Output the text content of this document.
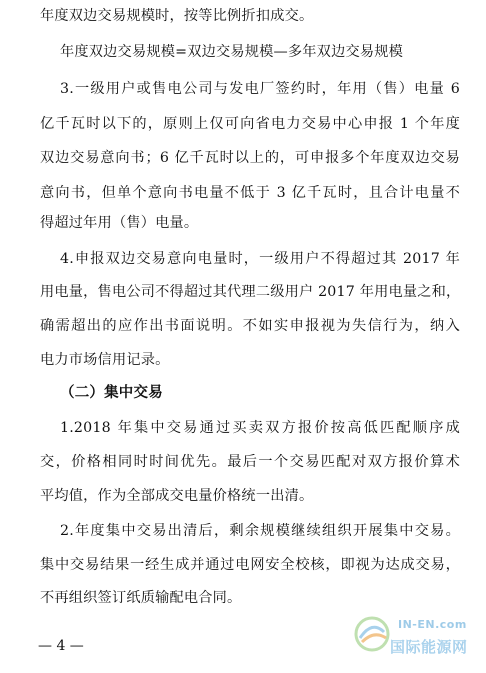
年度双边交易规模时，按等比例折扣成交。
年度双边交易规模=双边交易规模—多年双边交易规模
3.一级用户或售电公司与发电厂签约时，年用（售）电量 6
亿千瓦时以下的，原则上仅可向省电力交易中心申报 1 个年度
双边交易意向书；6 亿千瓦时以上的，可申报多个年度双边交易
意向书，但单个意向书电量不低于 3 亿千瓦时，且合计电量不
得超过年用（售）电量。
4.申报双边交易意向电量时，一级用户不得超过其 2017 年
用电量，售电公司不得超过其代理二级用户 2017 年用电量之和，
确需超出的应作出书面说明。不如实申报视为失信行为，纳入
电力市场信用记录。
（二）集中交易
1.2018 年集中交易通过买卖双方报价按高低匹配顺序成
交，价格相同时时间优先。最后一个交易匹配对双方报价算术
平均值，作为全部成交电量价格统一出清。
2.年度集中交易出清后，剩余规模继续组织开展集中交易。
集中交易结果一经生成并通过电网安全校核，即视为达成交易，
不再组织签订纸质输配电合同。
— 4 —
IN-EN.com
国际能源网
